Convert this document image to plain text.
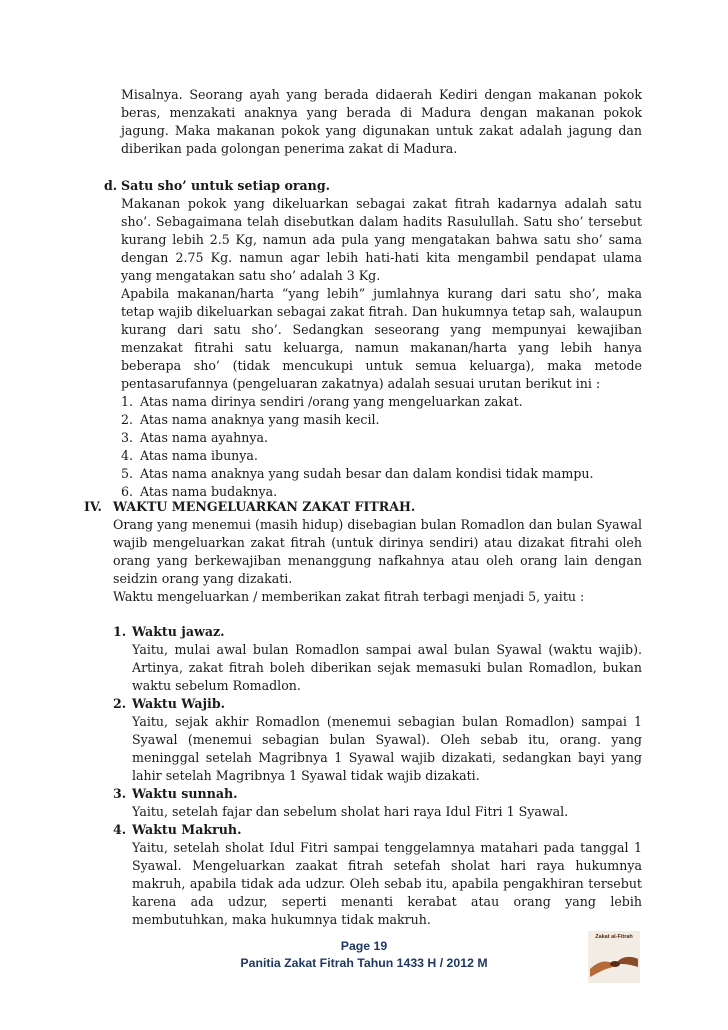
Misalnya. Seorang ayah yang berada didaerah Kediri dengan makanan pokok beras, menzakati anaknya yang berada di Madura dengan makanan pokok jagung. Maka makanan pokok yang digunakan untuk zakat adalah jagung dan diberikan pada golongan penerima zakat di Madura.

d. Satu sho’ untuk setiap orang.

Makanan pokok yang dikeluarkan sebagai zakat fitrah kadarnya adalah satu sho’. Sebagaimana telah disebutkan dalam hadits Rasulullah. Satu sho’ tersebut kurang lebih 2.5 Kg, namun ada pula yang mengatakan bahwa satu sho’ sama dengan 2.75 Kg. namun agar lebih hati-hati kita mengambil pendapat ulama yang mengatakan satu sho’ adalah 3 Kg.

Apabila makanan/harta “yang lebih” jumlahnya kurang dari satu sho’, maka tetap wajib dikeluarkan sebagai zakat fitrah. Dan hukumnya tetap sah, walaupun kurang dari satu sho’. Sedangkan seseorang yang mempunyai kewajiban menzakat fitrahi satu keluarga, namun makanan/harta yang lebih hanya beberapa sho’ (tidak mencukupi untuk semua keluarga), maka metode pentasarufannya (pengeluaran zakatnya) adalah sesuai urutan berikut ini :

1. Atas nama dirinya sendiri /orang yang mengeluarkan zakat.
2. Atas nama anaknya yang masih kecil.
3. Atas nama ayahnya.
4. Atas nama ibunya.
5. Atas nama anaknya yang sudah besar dan dalam kondisi tidak mampu.
6. Atas nama budaknya.
IV. WAKTU MENGELUARKAN ZAKAT FITRAH.

Orang yang menemui (masih hidup) disebagian bulan Romadlon dan bulan Syawal wajib mengeluarkan zakat fitrah (untuk dirinya sendiri) atau dizakat fitrahi oleh orang yang berkewajiban menanggung nafkahnya atau oleh orang lain dengan seidzin orang yang dizakati.

Waktu mengeluarkan / memberikan zakat fitrah terbagi menjadi 5, yaitu :

1. Waktu jawaz.
Yaitu, mulai awal bulan Romadlon sampai awal bulan Syawal (waktu wajib). Artinya, zakat fitrah boleh diberikan sejak memasuki bulan Romadlon, bukan waktu sebelum Romadlon.
2. Waktu Wajib.
Yaitu, sejak akhir Romadlon (menemui sebagian bulan Romadlon) sampai 1 Syawal (menemui sebagian bulan Syawal). Oleh sebab itu, orang. yang meninggal setelah Magribnya 1 Syawal wajib dizakati, sedangkan bayi yang lahir setelah Magribnya 1 Syawal tidak wajib dizakati.
3. Waktu sunnah.
Yaitu, setelah fajar dan sebelum sholat hari raya Idul Fitri 1 Syawal.
4. Waktu Makruh.
Yaitu, setelah sholat Idul Fitri sampai tenggelamnya matahari pada tanggal 1 Syawal. Mengeluarkan zaakat fitrah setefah sholat hari raya hukumnya makruh, apabila tidak ada udzur. Oleh sebab itu, apabila pengakhiran tersebut karena ada udzur, seperti menanti kerabat atau orang yang lebih membutuhkan, maka hukumnya tidak makruh.
Page 19
Panitia Zakat Fitrah Tahun 1433 H / 2012 M
Zakat al-Fitrah
